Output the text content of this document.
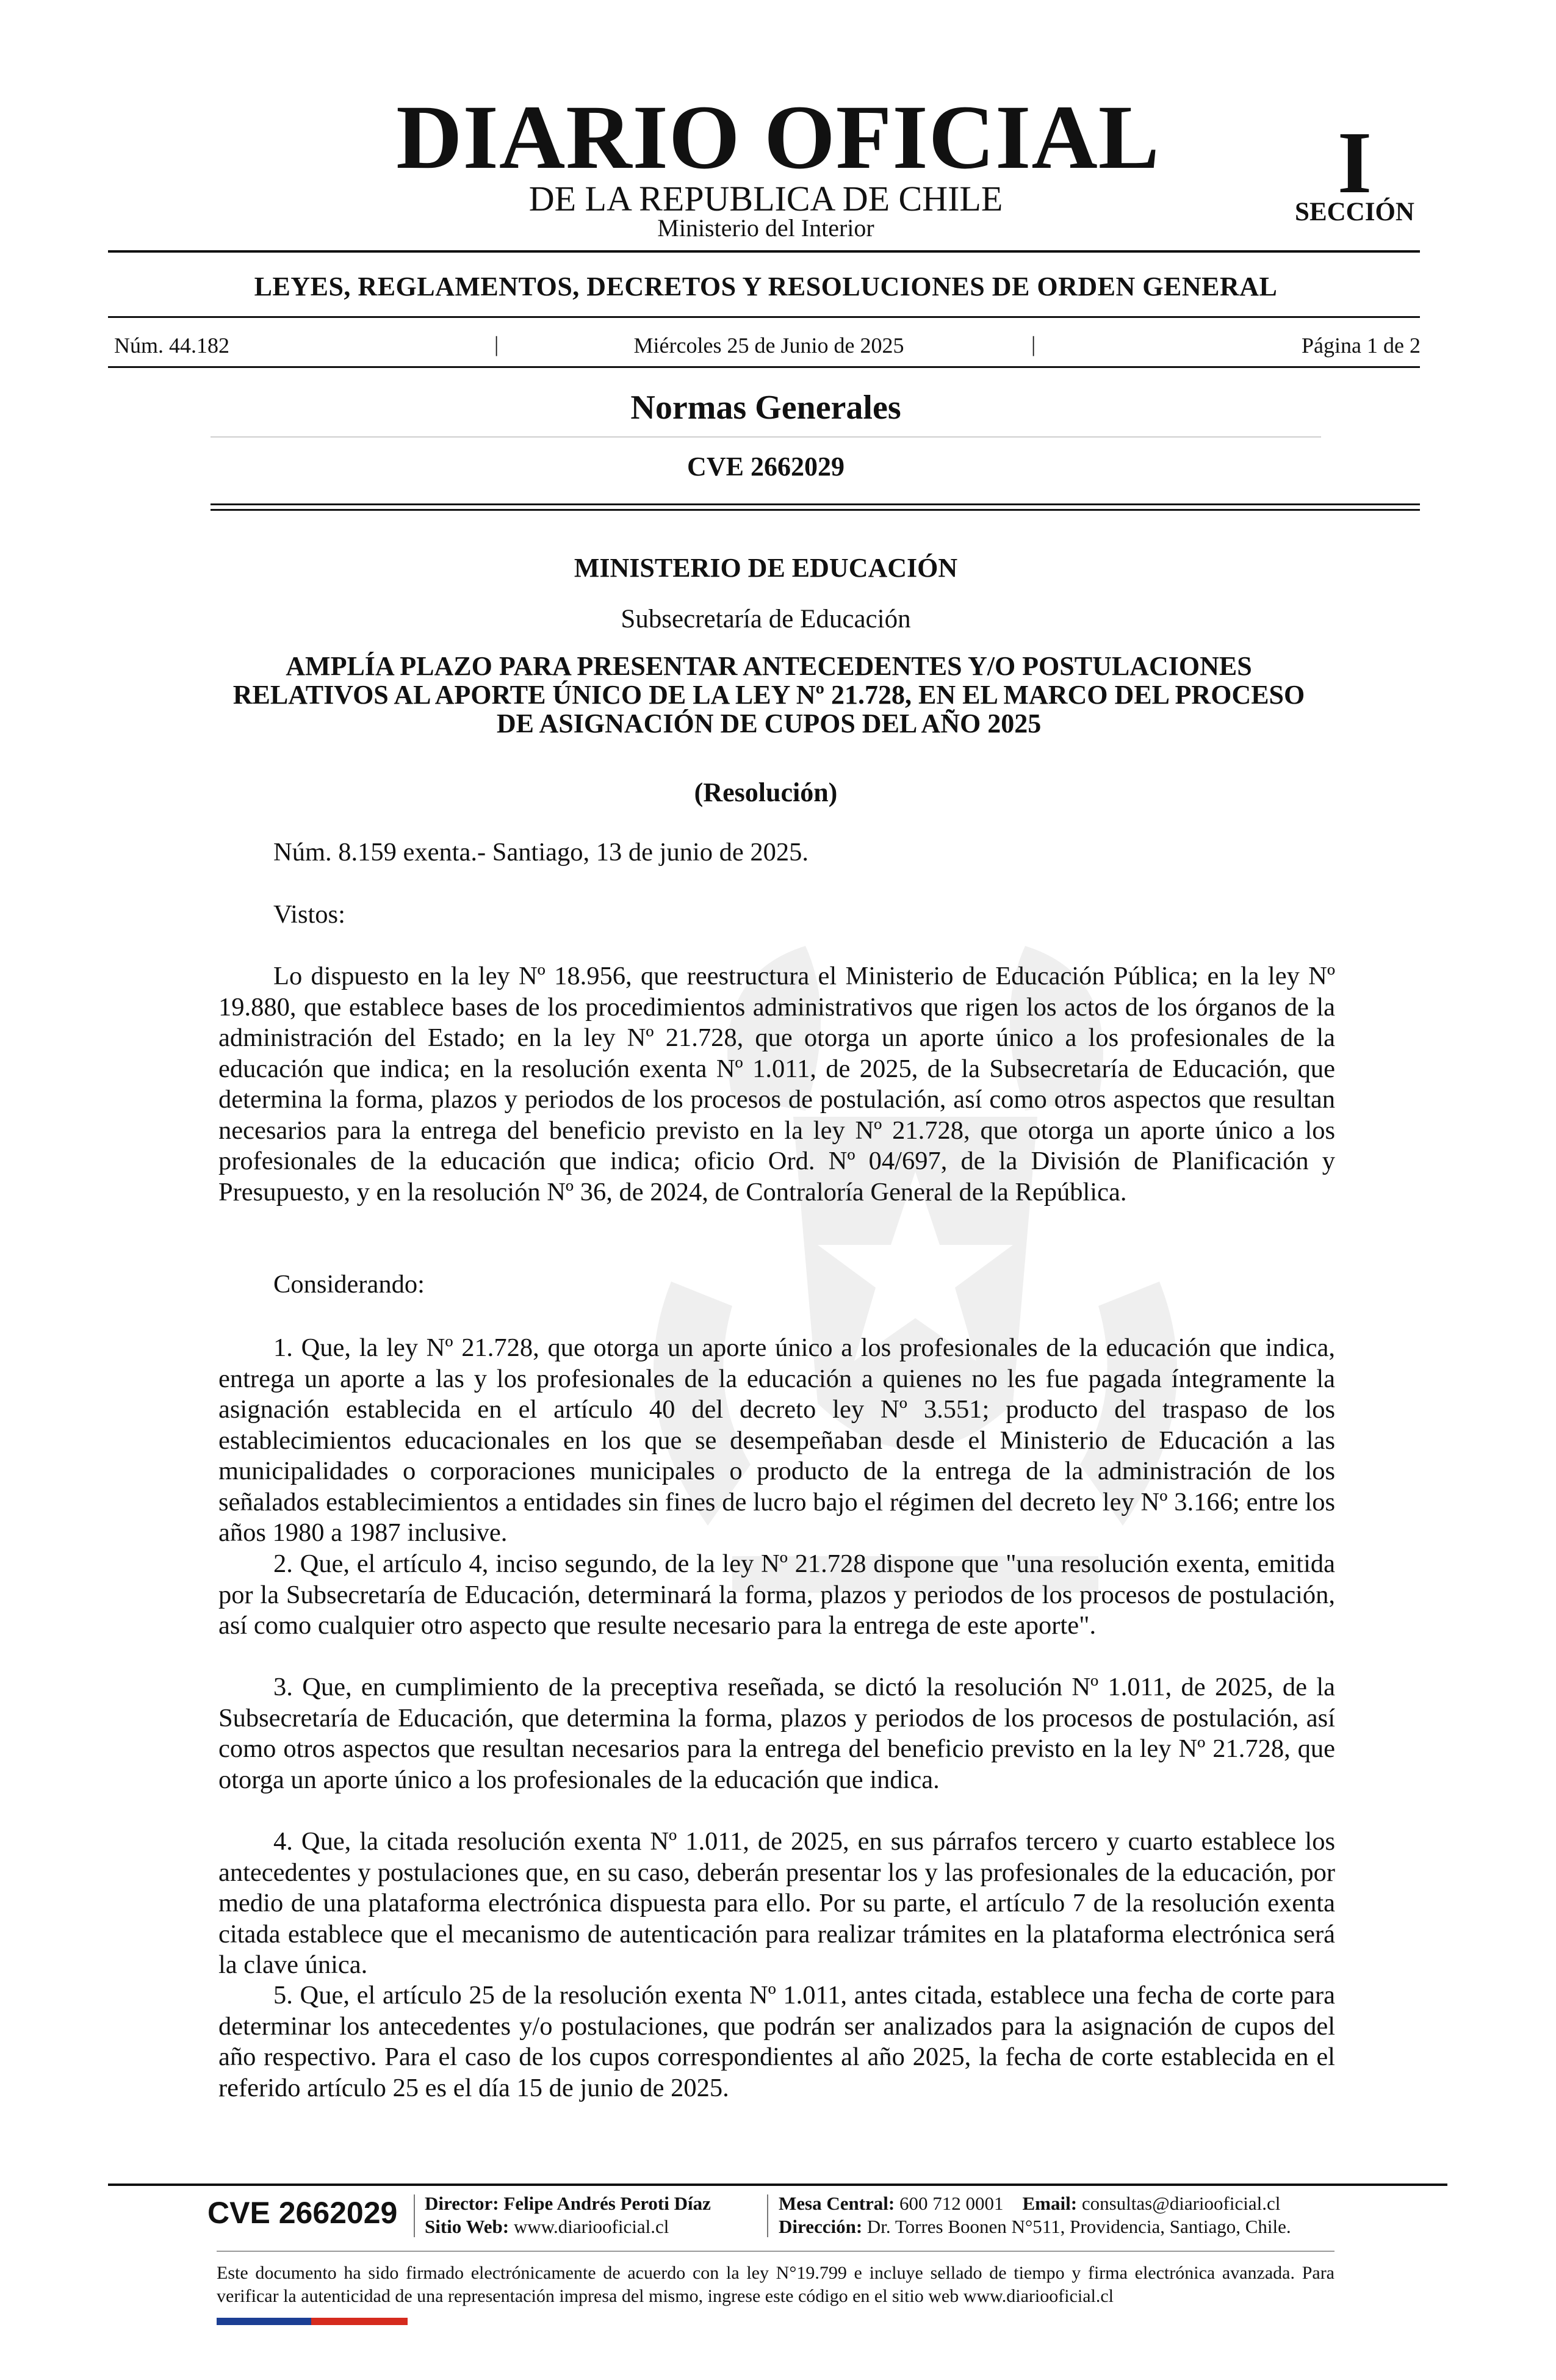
DIARIO OFICIAL
DE LA REPUBLICA DE CHILE
Ministerio del Interior
I
SECCIÓN
LEYES, REGLAMENTOS, DECRETOS Y RESOLUCIONES DE ORDEN GENERAL
Núm. 44.182	|	Miércoles 25 de Junio de 2025	|	Página 1 de 2
Normas Generales
CVE 2662029
MINISTERIO DE EDUCACIÓN
Subsecretaría de Educación
AMPLÍA PLAZO PARA PRESENTAR ANTECEDENTES Y/O POSTULACIONES RELATIVOS AL APORTE ÚNICO DE LA LEY Nº 21.728, EN EL MARCO DEL PROCESO DE ASIGNACIÓN DE CUPOS DEL AÑO 2025
(Resolución)
Núm. 8.159 exenta.- Santiago, 13 de junio de 2025.
Vistos:

Lo dispuesto en la ley Nº 18.956, que reestructura el Ministerio de Educación Pública; en la ley Nº 19.880, que establece bases de los procedimientos administrativos que rigen los actos de los órganos de la administración del Estado; en la ley Nº 21.728, que otorga un aporte único a los profesionales de la educación que indica; en la resolución exenta Nº 1.011, de 2025, de la Subsecretaría de Educación, que determina la forma, plazos y periodos de los procesos de postulación, así como otros aspectos que resultan necesarios para la entrega del beneficio previsto en la ley Nº 21.728, que otorga un aporte único a los profesionales de la educación que indica; oficio Ord. Nº 04/697, de la División de Planificación y Presupuesto, y en la resolución Nº 36, de 2024, de Contraloría General de la República.

Considerando:

1. Que, la ley Nº 21.728, que otorga un aporte único a los profesionales de la educación que indica, entrega un aporte a las y los profesionales de la educación a quienes no les fue pagada íntegramente la asignación establecida en el artículo 40 del decreto ley Nº 3.551; producto del traspaso de los establecimientos educacionales en los que se desempeñaban desde el Ministerio de Educación a las municipalidades o corporaciones municipales o producto de la entrega de la administración de los señalados establecimientos a entidades sin fines de lucro bajo el régimen del decreto ley Nº 3.166; entre los años 1980 a 1987 inclusive.

2. Que, el artículo 4, inciso segundo, de la ley Nº 21.728 dispone que "una resolución exenta, emitida por la Subsecretaría de Educación, determinará la forma, plazos y periodos de los procesos de postulación, así como cualquier otro aspecto que resulte necesario para la entrega de este aporte".

3. Que, en cumplimiento de la preceptiva reseñada, se dictó la resolución Nº 1.011, de 2025, de la Subsecretaría de Educación, que determina la forma, plazos y periodos de los procesos de postulación, así como otros aspectos que resultan necesarios para la entrega del beneficio previsto en la ley Nº 21.728, que otorga un aporte único a los profesionales de la educación que indica.

4. Que, la citada resolución exenta Nº 1.011, de 2025, en sus párrafos tercero y cuarto establece los antecedentes y postulaciones que, en su caso, deberán presentar los y las profesionales de la educación, por medio de una plataforma electrónica dispuesta para ello. Por su parte, el artículo 7 de la resolución exenta citada establece que el mecanismo de autenticación para realizar trámites en la plataforma electrónica será la clave única.

5. Que, el artículo 25 de la resolución exenta Nº 1.011, antes citada, establece una fecha de corte para determinar los antecedentes y/o postulaciones, que podrán ser analizados para la asignación de cupos del año respectivo. Para el caso de los cupos correspondientes al año 2025, la fecha de corte establecida en el referido artículo 25 es el día 15 de junio de 2025.

CVE 2662029 Director: Felipe Andrés Peroti Díaz
Sitio Web: www.diariooficial.cl
Mesa Central: 600 712 0001 Email: consultas@diariooficial.cl
Dirección: Dr. Torres Boonen N°511, Providencia, Santiago, Chile.
Este documento ha sido firmado electrónicamente de acuerdo con la ley N°19.799 e incluye sellado de tiempo y firma electrónica avanzada. Para verificar la autenticidad de una representación impresa del mismo, ingrese este código en el sitio web www.diariooficial.cl
